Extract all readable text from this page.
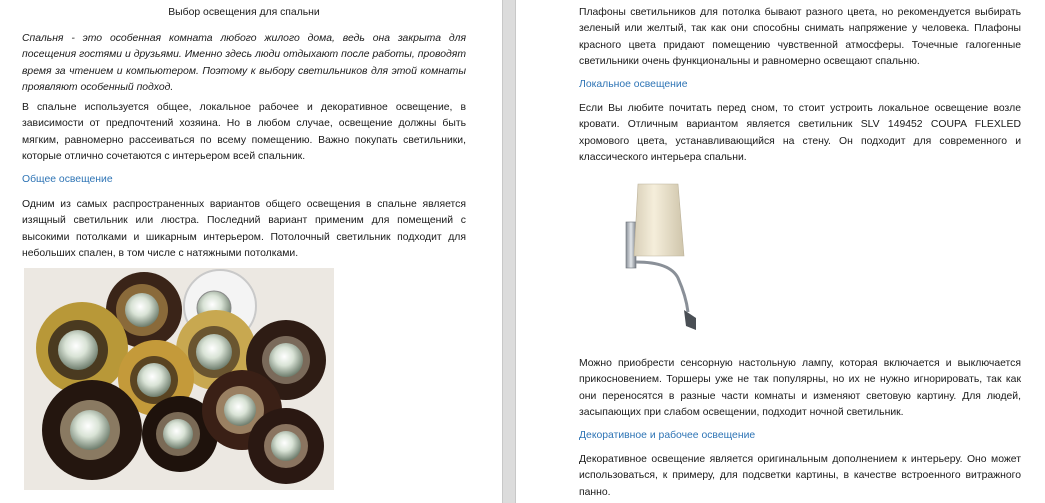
Выбор освещения для спальни

Спальня - это особенная комната любого жилого дома, ведь она закрыта для посещения гостями и друзьями. Именно здесь люди отдыхают после работы, проводят время за чтением и компьютером. Поэтому к выбору светильников для этой комнаты проявляют особенный подход.

В спальне используется общее, локальное рабочее и декоративное освещение, в зависимости от предпочтений хозяина. Но в любом случае, освещение должны быть мягким, равномерно рассеиваться по всему помещению. Важно покупать светильники, которые отлично сочетаются с интерьером всей спальник.

Общее освещение

Одним из самых распространенных вариантов общего освещения в спальне является изящный светильник или люстра. Последний вариант применим для помещений с высокими потолками и шикарным интерьером. Потолочный светильник подходит для небольших спален, в том числе с натяжными потолками.

Плафоны светильников для потолка бывают разного цвета, но рекомендуется выбирать зеленый или желтый, так как они способны снимать напряжение у человека. Плафоны красного цвета придают помещению чувственной атмосферы. Точечные галогенные светильники очень функциональны и равномерно освещают спальню.

Локальное освещение

Если Вы любите почитать перед сном, то стоит устроить локальное освещение возле кровати. Отличным вариантом является светильник SLV 149452 COUPA FLEXLED хромового цвета, устанавливающийся на стену. Он подходит для современного и классического интерьера спальни.

Можно приобрести сенсорную настольную лампу, которая включается и выключается прикосновением. Торшеры уже не так популярны, но их не нужно игнорировать, так как они переносятся в разные части комнаты и изменяют световую картину. Для людей, засыпающих при слабом освещении, подходит ночной светильник.

Декоративное и рабочее освещение

Декоративное освещение является оригинальным дополнением к интерьеру. Оно может использоваться, к примеру, для подсветки картины, в качестве встроенного витражного панно.
